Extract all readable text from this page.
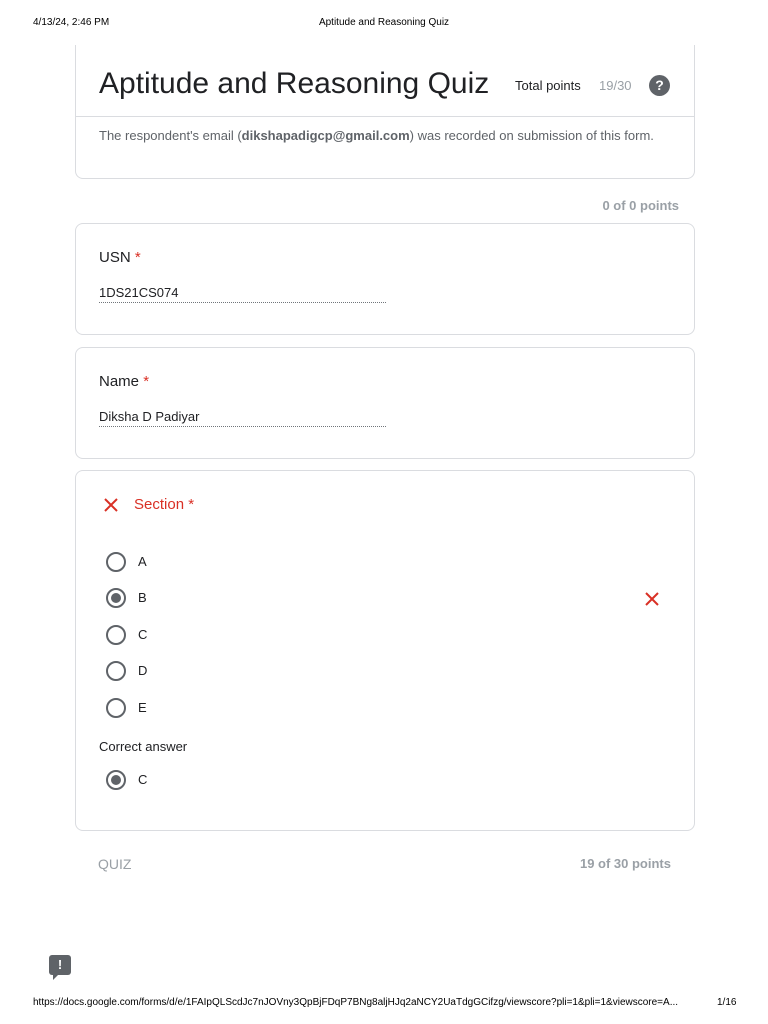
4/13/24, 2:46 PM	Aptitude and Reasoning Quiz
Aptitude and Reasoning Quiz Total points 19/30	?
The respondent's email (dikshapadigcp@gmail.com) was recorded on submission of this form.
0 of 0 points
USN *
1DS21CS074
Name *
Diksha D Padiyar
Section *
A
B
C
D
E
Correct answer
C
QUIZ	19 of 30 points
!
https://docs.google.com/forms/d/e/1FAIpQLScdJc7nJOVny3QpBjFDqP7BNg8aljHJq2aNCY2UaTdgGCifzg/viewscore?pli=1&pli=1&viewscore=A...	1/16
